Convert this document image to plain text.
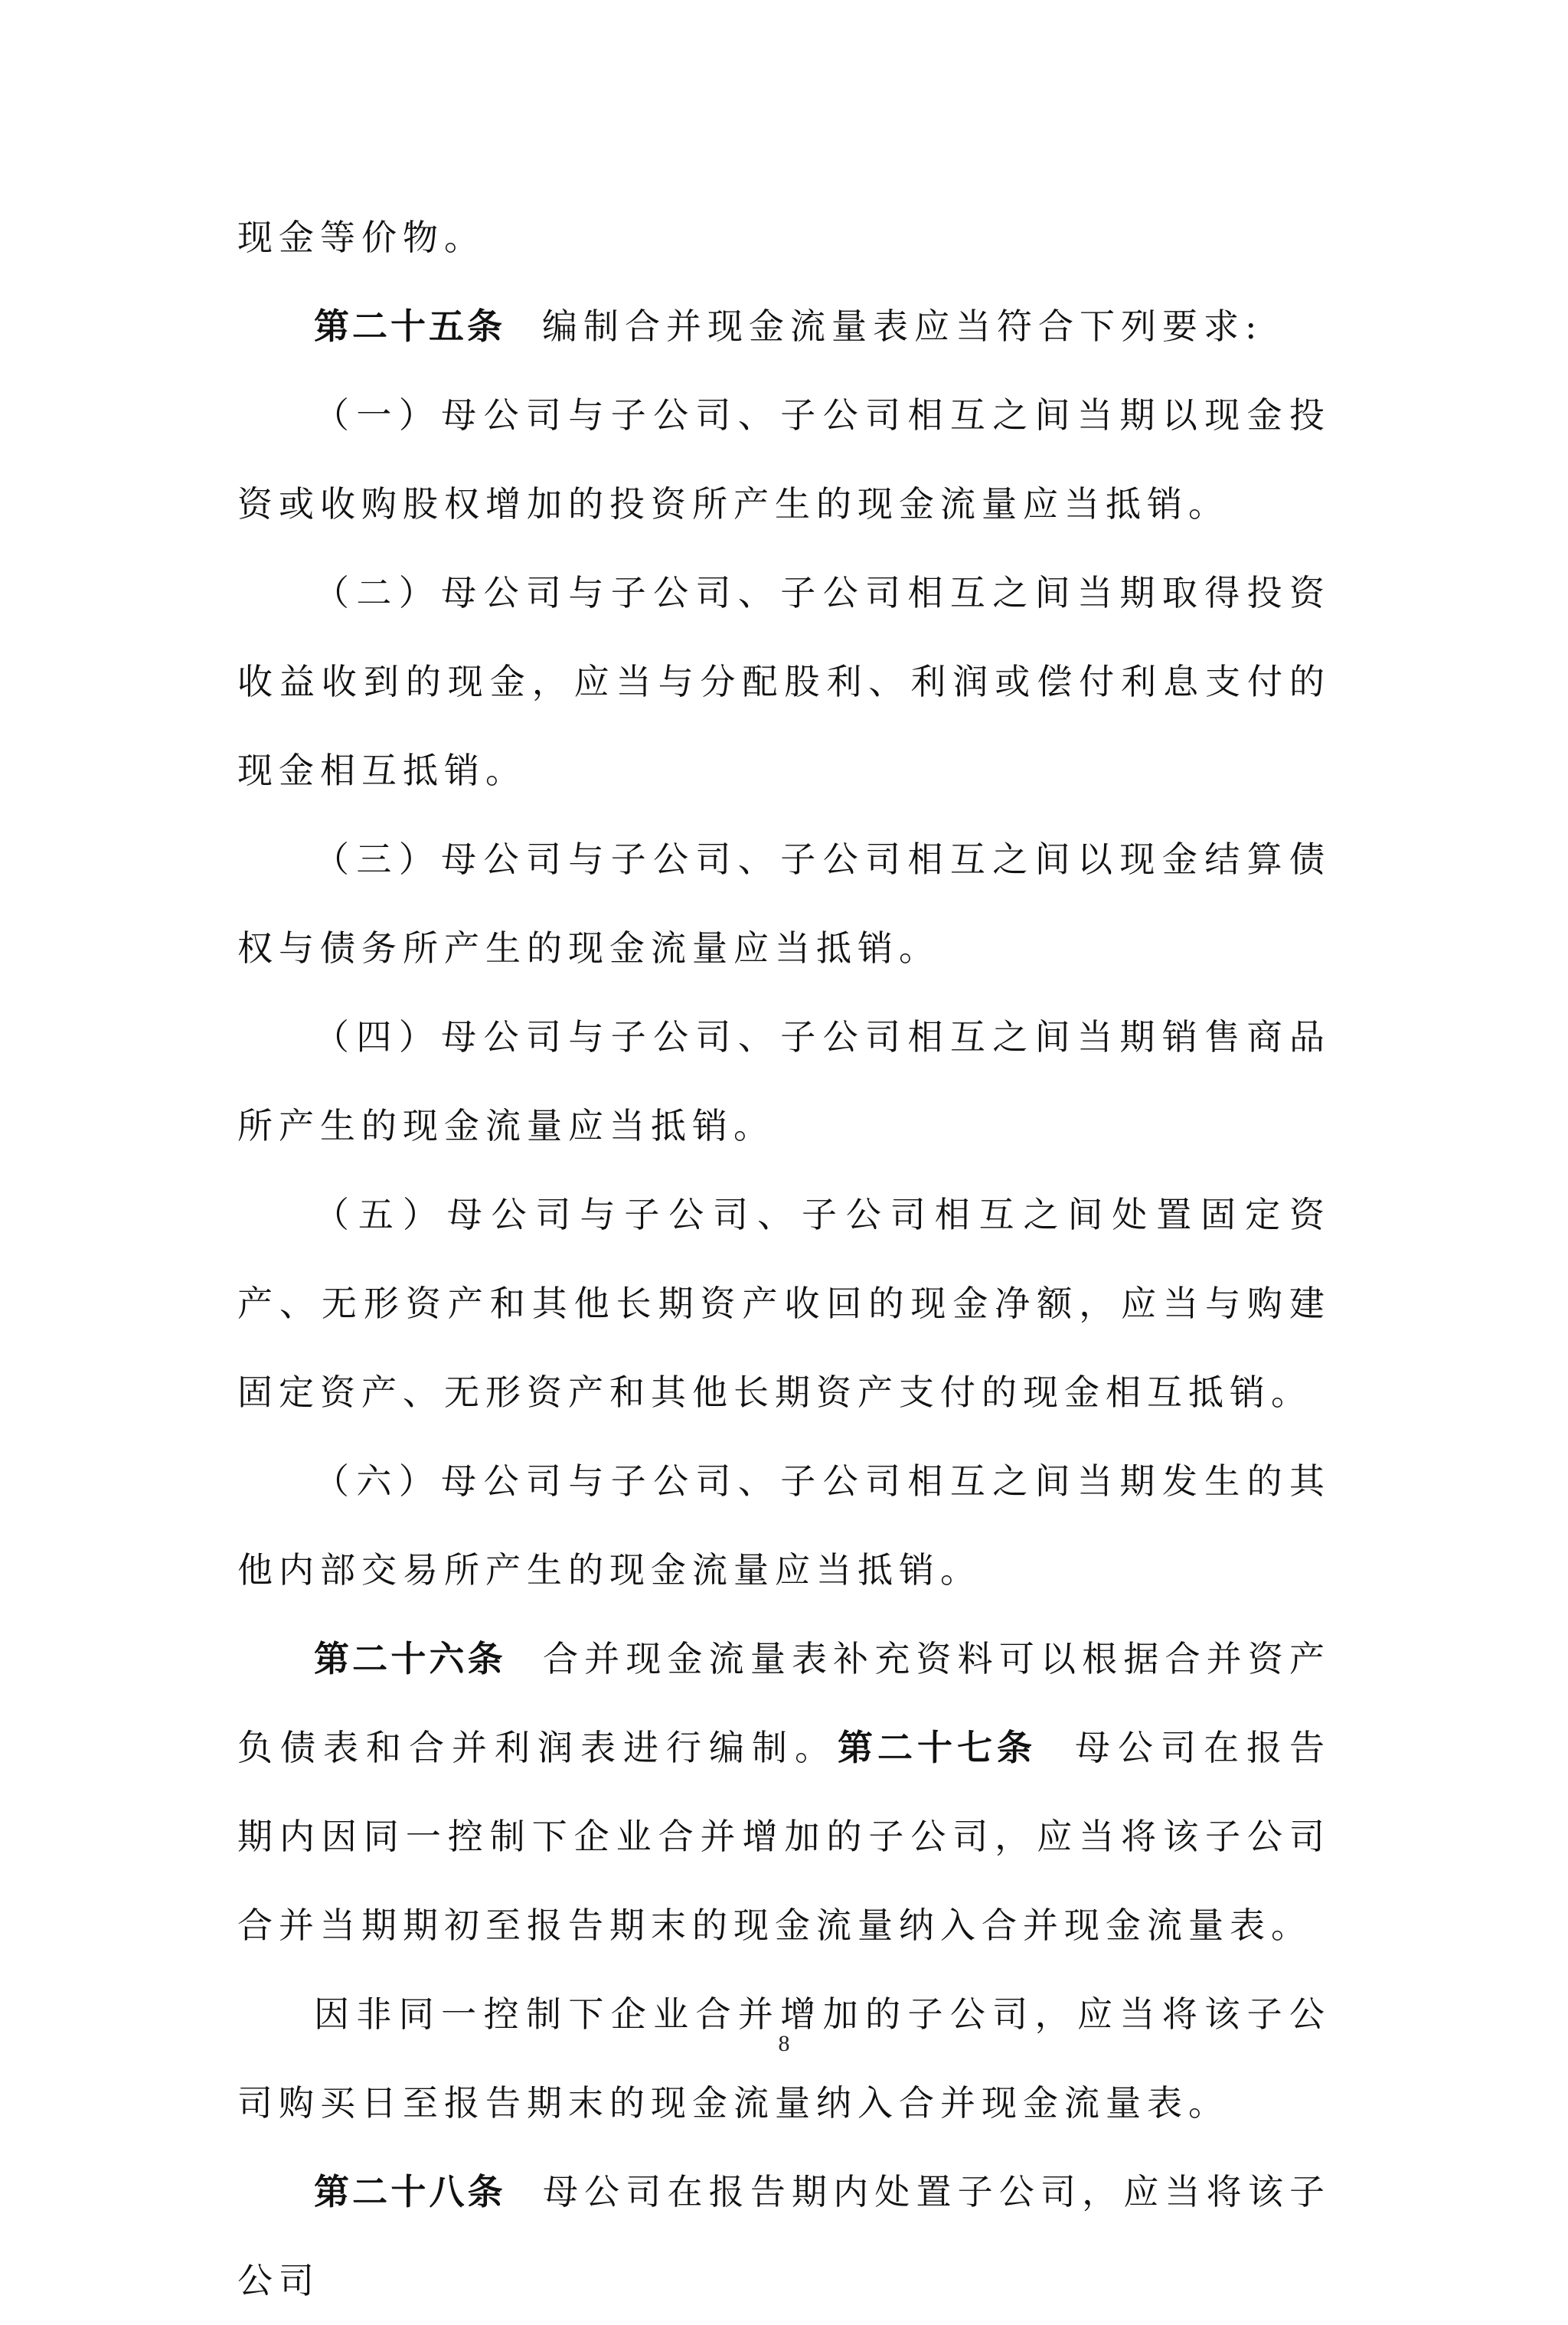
现金等价物。

第二十五条 编制合并现金流量表应当符合下列要求:

（一）母公司与子公司、子公司相互之间当期以现金投资或收购股权增加的投资所产生的现金流量应当抵销。

（二）母公司与子公司、子公司相互之间当期取得投资收益收到的现金，应当与分配股利、利润或偿付利息支付的现金相互抵销。

（三）母公司与子公司、子公司相互之间以现金结算债权与债务所产生的现金流量应当抵销。

（四）母公司与子公司、子公司相互之间当期销售商品所产生的现金流量应当抵销。

（五）母公司与子公司、子公司相互之间处置固定资产、无形资产和其他长期资产收回的现金净额，应当与购建固定资产、无形资产和其他长期资产支付的现金相互抵销。

（六）母公司与子公司、子公司相互之间当期发生的其他内部交易所产生的现金流量应当抵销。

第二十六条 合并现金流量表补充资料可以根据合并资产负债表和合并利润表进行编制。第二十七条 母公司在报告期内因同一控制下企业合并增加的子公司，应当将该子公司合并当期期初至报告期末的现金流量纳入合并现金流量表。

因非同一控制下企业合并增加的子公司，应当将该子公司购买日至报告期末的现金流量纳入合并现金流量表。

第二十八条 母公司在报告期内处置子公司，应当将该子公司

8
